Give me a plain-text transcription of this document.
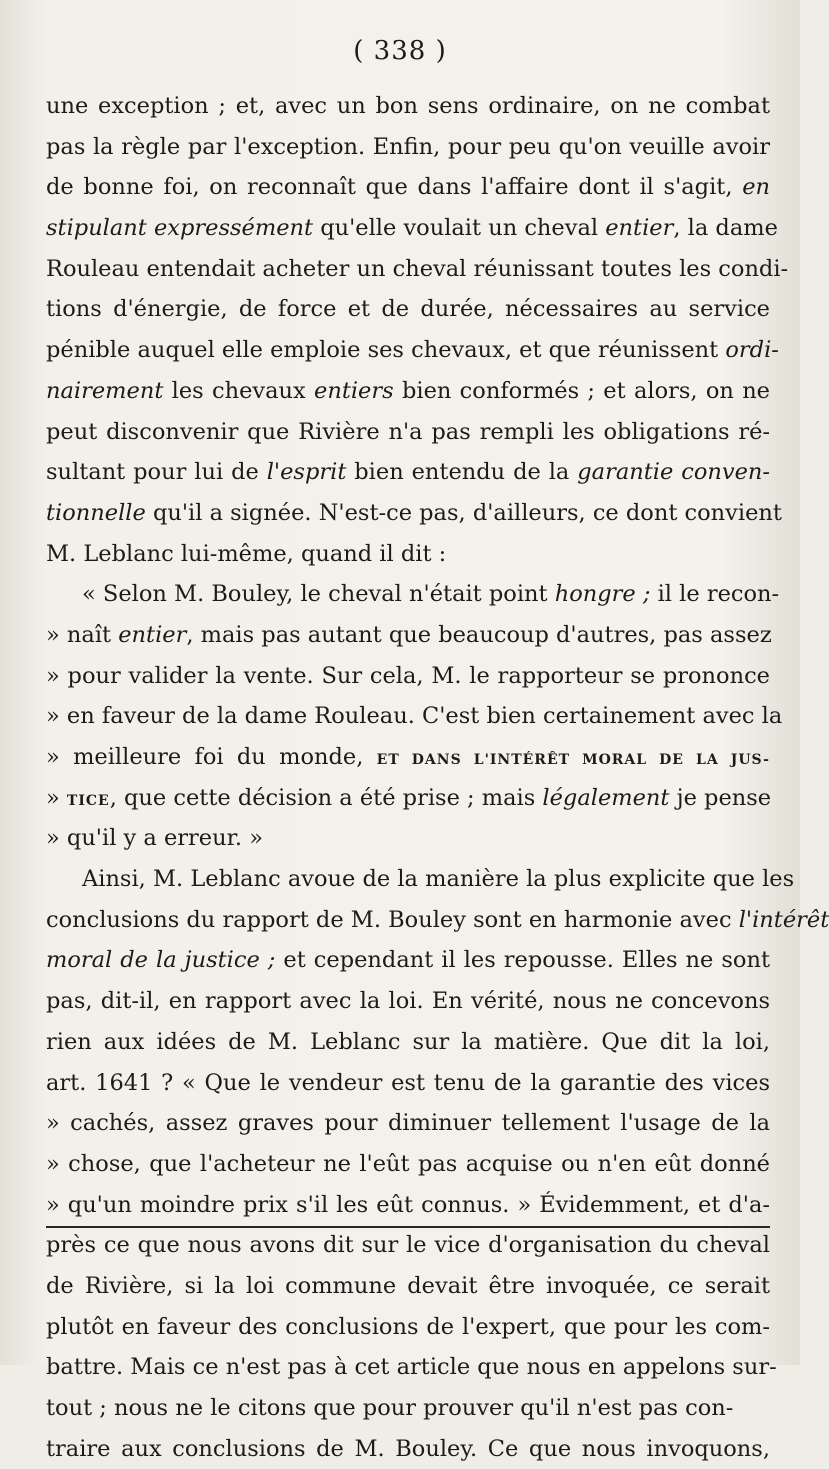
( 338 )
une exception ; et, avec un bon sens ordinaire, on ne combat
pas la règle par l'exception. Enfin, pour peu qu'on veuille avoir
de bonne foi, on reconnaît que dans l'affaire dont il s'agit, en
stipulant expressément qu'elle voulait un cheval entier, la dame
Rouleau entendait acheter un cheval réunissant toutes les condi-
tions d'énergie, de force et de durée, nécessaires au service
pénible auquel elle emploie ses chevaux, et que réunissent ordi-
nairement les chevaux entiers bien conformés ; et alors, on ne
peut disconvenir que Rivière n'a pas rempli les obligations ré-
sultant pour lui de l'esprit bien entendu de la garantie conven-
tionnelle qu'il a signée. N'est-ce pas, d'ailleurs, ce dont convient
M. Leblanc lui-même, quand il dit :
« Selon M. Bouley, le cheval n'était point hongre ; il le recon-
» naît entier, mais pas autant que beaucoup d'autres, pas assez
» pour valider la vente. Sur cela, M. le rapporteur se prononce
» en faveur de la dame Rouleau. C'est bien certainement avec la
» meilleure foi du monde, ET DANS L'INTÉRÊT MORAL DE LA JUS-
» TICE, que cette décision a été prise ; mais légalement je pense
» qu'il y a erreur. »
Ainsi, M. Leblanc avoue de la manière la plus explicite que les
conclusions du rapport de M. Bouley sont en harmonie avec l'intérêt
moral de la justice ; et cependant il les repousse. Elles ne sont
pas, dit-il, en rapport avec la loi. En vérité, nous ne concevons
rien aux idées de M. Leblanc sur la matière. Que dit la loi,
art. 1641 ? « Que le vendeur est tenu de la garantie des vices
» cachés, assez graves pour diminuer tellement l'usage de la
» chose, que l'acheteur ne l'eût pas acquise ou n'en eût donné
» qu'un moindre prix s'il les eût connus. » Évidemment, et d'a-
près ce que nous avons dit sur le vice d'organisation du cheval
de Rivière, si la loi commune devait être invoquée, ce serait
plutôt en faveur des conclusions de l'expert, que pour les com-
battre. Mais ce n'est pas à cet article que nous en appelons sur-
tout ; nous ne le citons que pour prouver qu'il n'est pas con-
traire aux conclusions de M. Bouley. Ce que nous invoquons,
